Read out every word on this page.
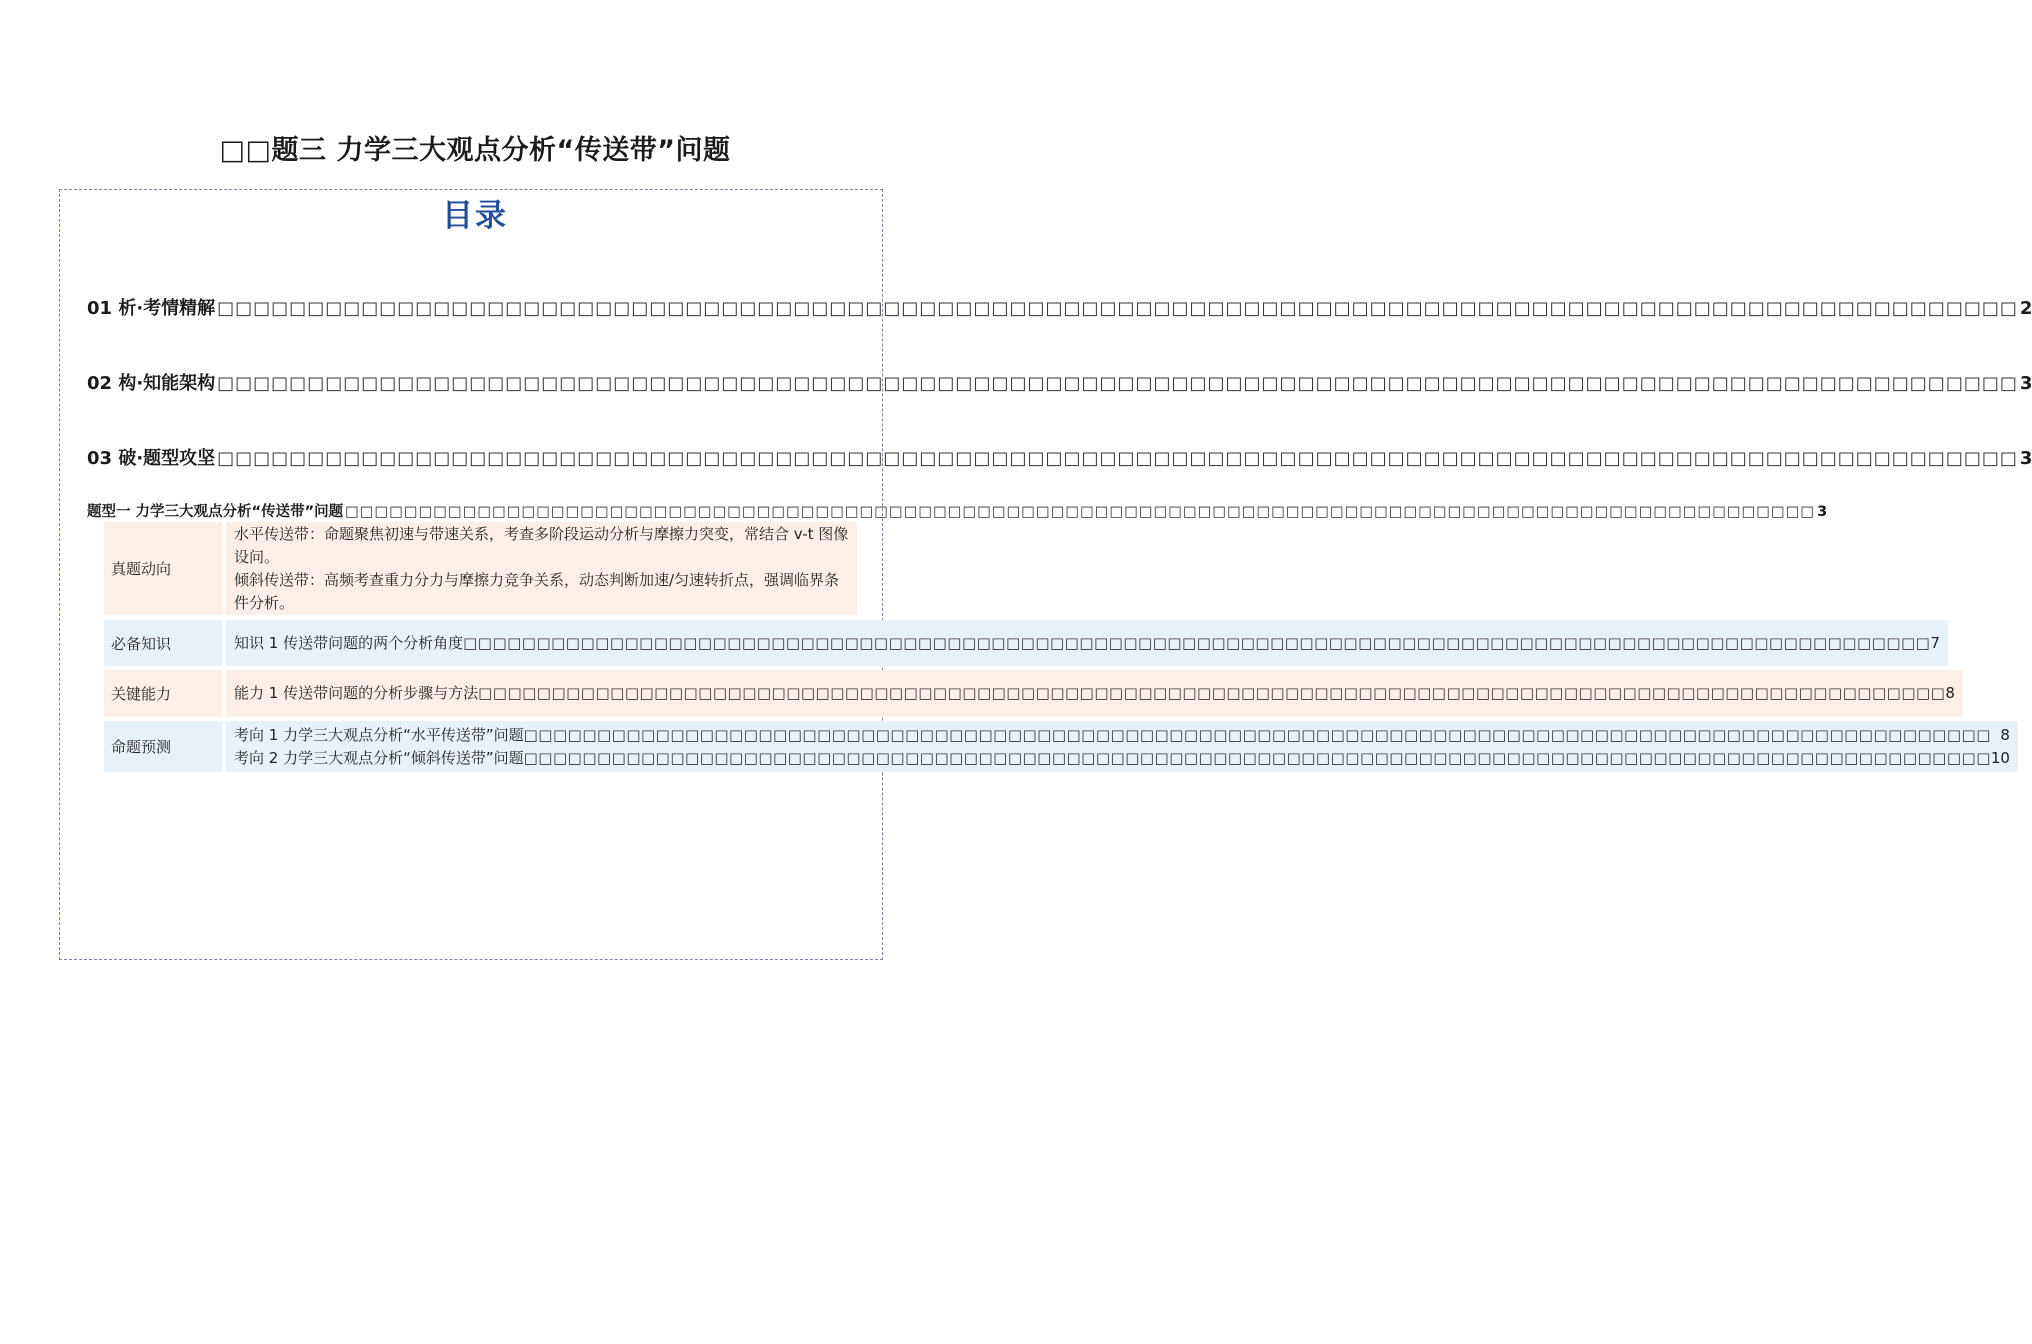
□□题三 力学三大观点分析“传送带”问题
目录
01 析·考情精解 □□□□□□□□□□□□□□□□□□□□□□□□□□□□□□□□□□□□□□□□□□□□□□□□□□□□□□□□□□□□□□□□□□□□□□□□□□□□□□□□□□□□□□□□□□□□□□□□□□□□ 2
02 构·知能架构 □□□□□□□□□□□□□□□□□□□□□□□□□□□□□□□□□□□□□□□□□□□□□□□□□□□□□□□□□□□□□□□□□□□□□□□□□□□□□□□□□□□□□□□□□□□□□□□□□□□□ 3
03 破·题型攻坚 □□□□□□□□□□□□□□□□□□□□□□□□□□□□□□□□□□□□□□□□□□□□□□□□□□□□□□□□□□□□□□□□□□□□□□□□□□□□□□□□□□□□□□□□□□□□□□□□□□□□ 3
题型一 力学三大观点分析“传送带”问题 □□□□□□□□□□□□□□□□□□□□□□□□□□□□□□□□□□□□□□□□□□□□□□□□□□□□□□□□□□□□□□□□□□□□□□□□□□□□□□□□□□□□□□□□□□□□□□□□□□□□ 3
真题动向
水平传送带：命题聚焦初速与带速关系，考查多阶段运动分析与摩擦力突变，常结合 v-t 图像设问。
倾斜传送带：高频考查重力分力与摩擦力竞争关系，动态判断加速/匀速转折点，强调临界条件分析。
必备知识	知识 1 传送带问题的两个分析角度 □□□□□□□□□□□□□□□□□□□□□□□□□□□□□□□□□□□□□□□□□□□□□□□□□□□□□□□□□□□□□□□□□□□□□□□□□□□□□□□□□□□□□□□□□□□□□□□□□□□□ 7
关键能力	能力 1 传送带问题的分析步骤与方法 □□□□□□□□□□□□□□□□□□□□□□□□□□□□□□□□□□□□□□□□□□□□□□□□□□□□□□□□□□□□□□□□□□□□□□□□□□□□□□□□□□□□□□□□□□□□□□□□□□□□ 8
命题预测
考向 1 力学三大观点分析“水平传送带”问题 □□□□□□□□□□□□□□□□□□□□□□□□□□□□□□□□□□□□□□□□□□□□□□□□□□□□□□□□□□□□□□□□□□□□□□□□□□□□□□□□□□□□□□□□□□□□□□□□□□□□ 8
考向 2 力学三大观点分析“倾斜传送带”问题 □□□□□□□□□□□□□□□□□□□□□□□□□□□□□□□□□□□□□□□□□□□□□□□□□□□□□□□□□□□□□□□□□□□□□□□□□□□□□□□□□□□□□□□□□□□□□□□□□□□□ 10
